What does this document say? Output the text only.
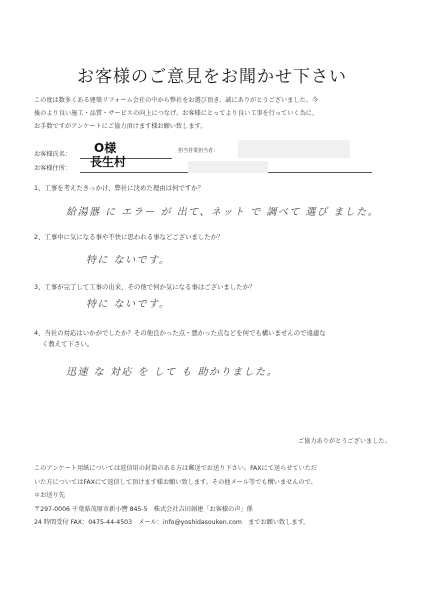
お客様のご意見をお聞かせ下さい
この度は数多くある建築リフォーム会社の中から弊社をお選び頂き、誠にありがとうございました。今
後のより良い施工・品質・サービスの向上につなげ、お客様にとってより良い工事を行っていく為に、
お手数ですがアンケートにご協力頂けます様お願い致します。
お客様氏名： O様	担当営業担当者：
お客様住所： 長生村
1、工事を考えたきっかけ、弊社に決めた理由は何ですか？
給湯器 に エラー が 出て、ネット で 調べて 選び ました。
2、工事中に気になる事や不快に思われる事などございましたか？
特に ないです。
3、工事が完了して工事の出来、その他で何か気になる事はございましたか？
特に ないです。
4、当社の対応はいかがでしたか？その他良かった点・悪かった点などを何でも構いませんので遠慮な
く教えて下さい。
迅速 な 対応 を して も 助かりました。
ご協力ありがとうございました。
このアンケート用紙については返信用の封筒のある方は郵送でお送り下さい。FAXにて送らせていただ
いた方についてはFAXにて返信して頂けます様お願い致します。その他メール等でも構いませんので、
＊お送り先
〒297-0006 千葉県茂原市新小轡 845-5　株式会社吉田創建「お客様の声」係
24 時間受付 FAX：0475-44-4503　メール：info@yoshidasouken.com　までお願い致します。
